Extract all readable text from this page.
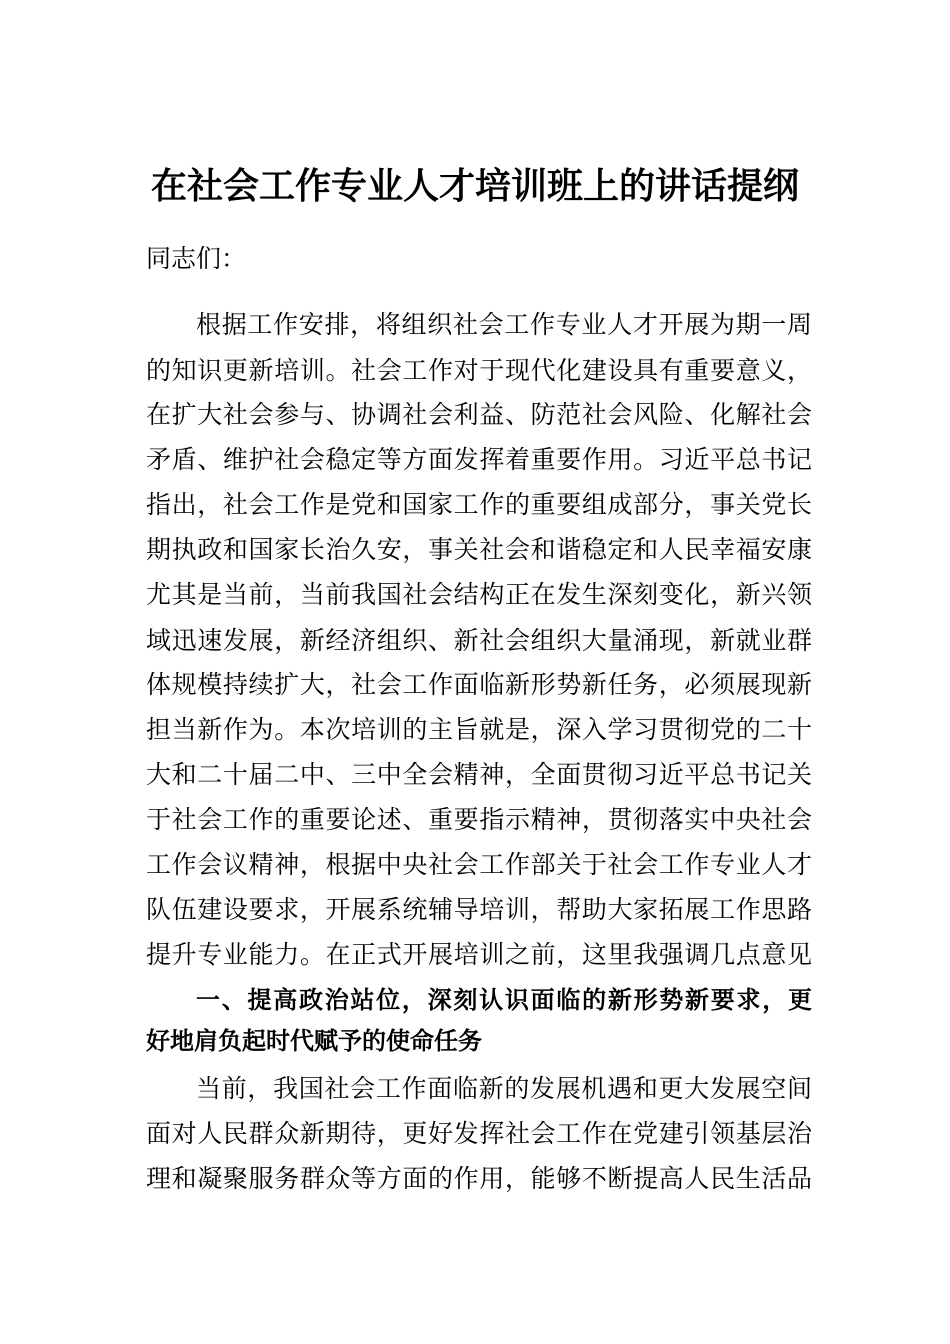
在社会工作专业人才培训班上的讲话提纲
同志们：
根据工作安排，将组织社会工作专业人才开展为期一周
的知识更新培训。社会工作对于现代化建设具有重要意义，
在扩大社会参与、协调社会利益、防范社会风险、化解社会
矛盾、维护社会稳定等方面发挥着重要作用。习近平总书记
指出，社会工作是党和国家工作的重要组成部分，事关党长
期执政和国家长治久安，事关社会和谐稳定和人民幸福安康
尤其是当前，当前我国社会结构正在发生深刻变化，新兴领
域迅速发展，新经济组织、新社会组织大量涌现，新就业群
体规模持续扩大，社会工作面临新形势新任务，必须展现新
担当新作为。本次培训的主旨就是，深入学习贯彻党的二十
大和二十届二中、三中全会精神，全面贯彻习近平总书记关
于社会工作的重要论述、重要指示精神，贯彻落实中央社会
工作会议精神，根据中央社会工作部关于社会工作专业人才
队伍建设要求，开展系统辅导培训，帮助大家拓展工作思路
提升专业能力。在正式开展培训之前，这里我强调几点意见
一、提高政治站位，深刻认识面临的新形势新要求，更
好地肩负起时代赋予的使命任务
当前，我国社会工作面临新的发展机遇和更大发展空间
面对人民群众新期待，更好发挥社会工作在党建引领基层治
理和凝聚服务群众等方面的作用，能够不断提高人民生活品
